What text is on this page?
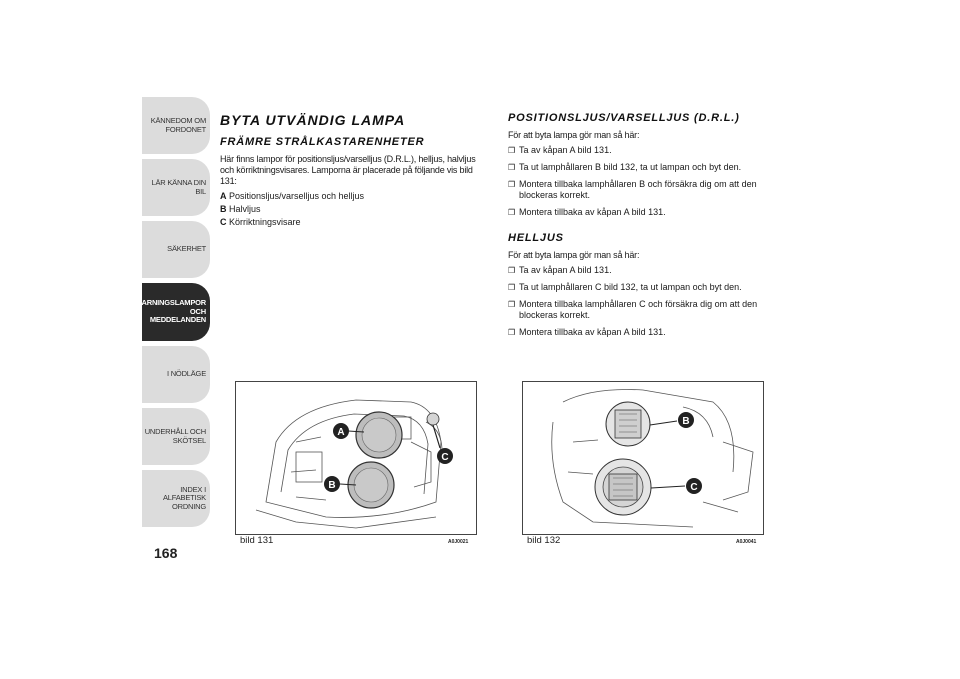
KÄNNEDOM OM
FORDONET
LÄR KÄNNA DIN BIL
SÄKERHET
VARNINGSLAMPOR
OCH
MEDDELANDEN
I NÖDLÄGE
UNDERHÅLL OCH
SKÖTSEL
INDEX I ALFABETISK
ORDNING
168
BYTA UTVÄNDIG LAMPA
FRÄMRE STRÅLKASTARENHETER

Här finns lampor för positionsljus/varselljus (D.R.L.), helljus, halvljus och körriktningsvisares. Lamporna är placerade på följande vis bild 131:

A Positionsljus/varselljus och helljus
B Halvljus
C Körriktningsvisare
POSITIONSLJUS/VARSELLJUS (D.R.L.)

För att byta lampa gör man så här:

❒ Ta av kåpan A bild 131.
❒ Ta ut lamphållaren B bild 132, ta ut lampan och byt den.
❒ Montera tillbaka lamphållaren B och försäkra dig om att den blockeras korrekt.
❒ Montera tillbaka av kåpan A bild 131.
HELLJUS

För att byta lampa gör man så här:

❒ Ta av kåpan A bild 131.
❒ Ta ut lamphållaren C bild 132, ta ut lampan och byt den.
❒ Montera tillbaka lamphållaren C och försäkra dig om att den blockeras korrekt.
❒ Montera tillbaka av kåpan A bild 131.
A
B
C
bild 131	A0J0021
B
C
bild 132	A0J0041
